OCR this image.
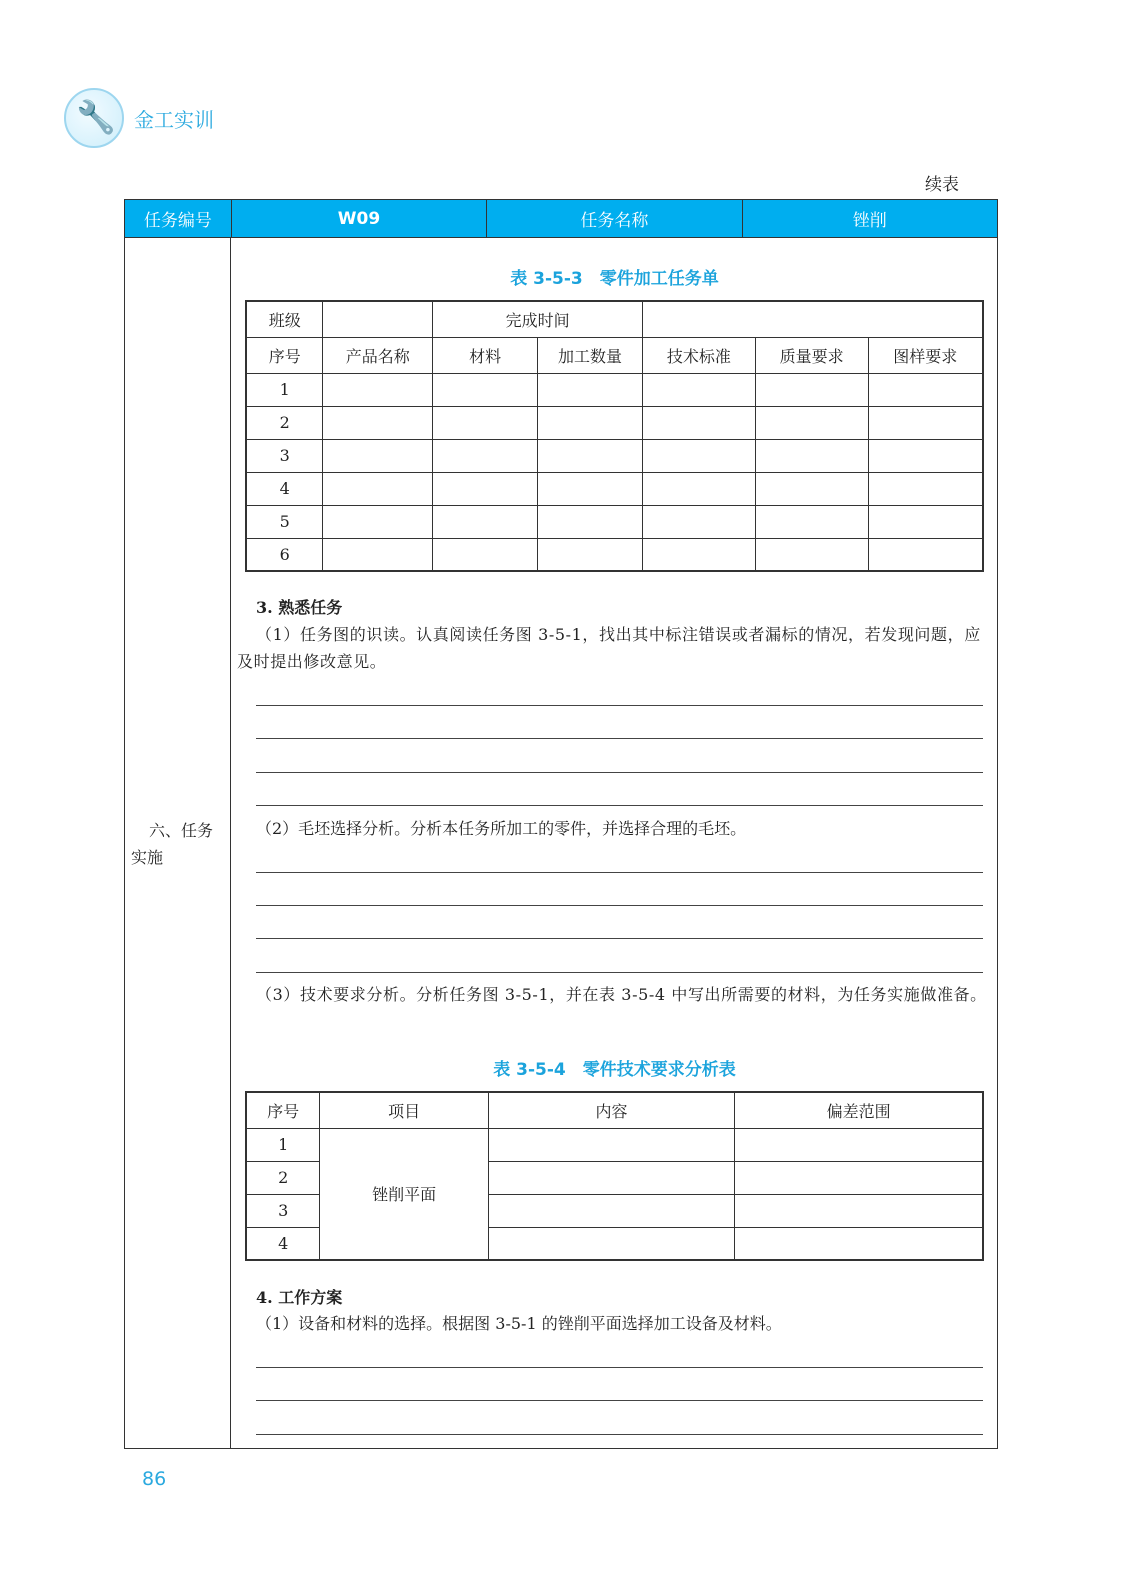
🔧 金工实训
续表
任务编号	W09	任务名称	锉削
六、任务实施
表 3-5-3　零件加工任务单
班级		完成时间				
序号	产品名称	材料	加工数量	技术标准	质量要求	图样要求
1						
2						
3						
4						
5						
6						
3. 熟悉任务
（1）任务图的识读。认真阅读任务图 3-5-1，找出其中标注错误或者漏标的情况，若发现问题，应及时提出修改意见。
（2）毛坯选择分析。分析本任务所加工的零件，并选择合理的毛坯。
（3）技术要求分析。分析任务图 3-5-1，并在表 3-5-4 中写出所需要的材料，为任务实施做准备。
表 3-5-4　零件技术要求分析表
序号	项目	内容	偏差范围
1	锉削平面		
2			
3			
4			
4. 工作方案
（1）设备和材料的选择。根据图 3-5-1 的锉削平面选择加工设备及材料。
86
